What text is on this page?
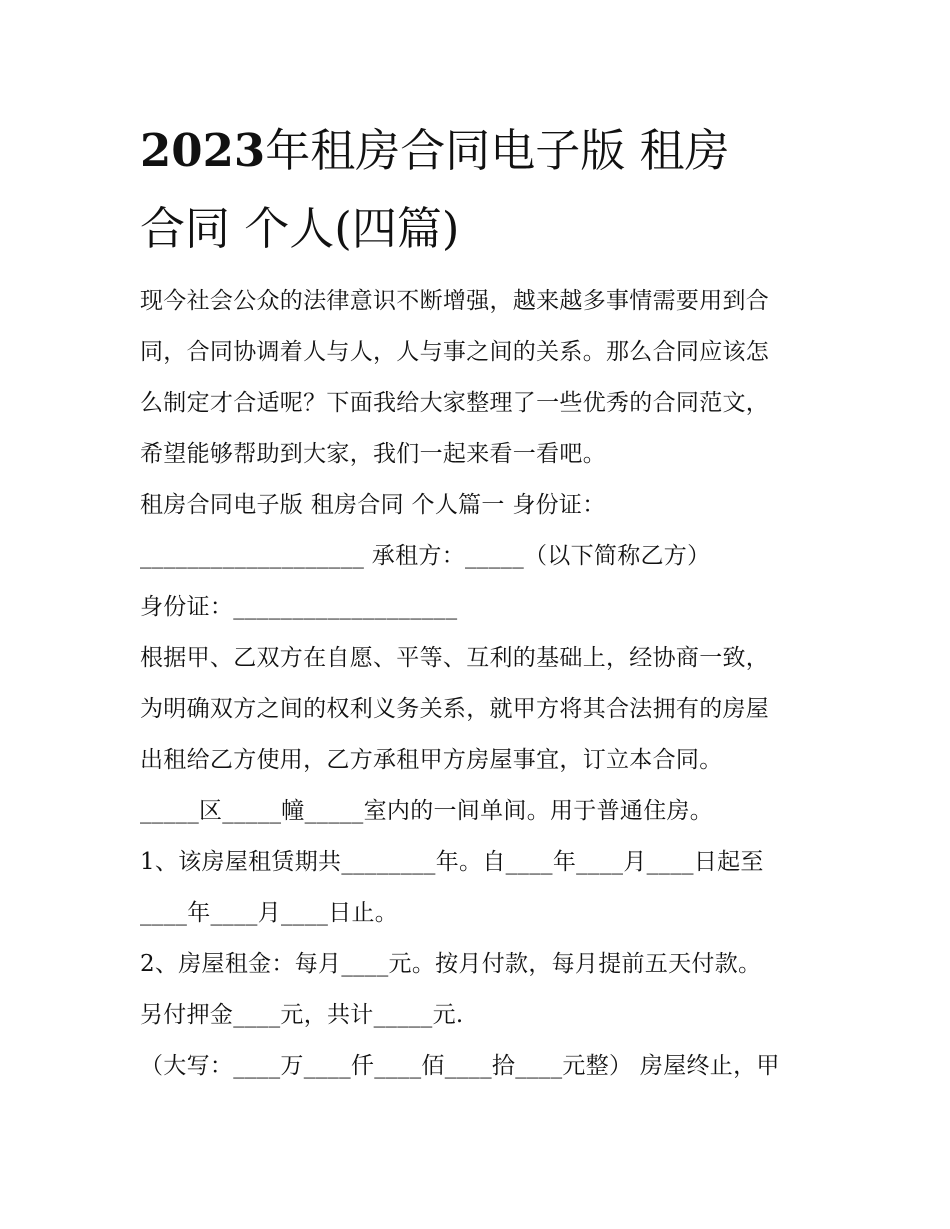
2023年租房合同电子版 租房
合同 个人(四篇)
现今社会公众的法律意识不断增强，越来越多事情需要用到合
同，合同协调着人与人，人与事之间的关系。那么合同应该怎
么制定才合适呢？下面我给大家整理了一些优秀的合同范文，
希望能够帮助到大家，我们一起来看一看吧。
租房合同电子版 租房合同 个人篇一 身份证：
___________________ 承租方：_____（以下简称乙方）
身份证：___________________
根据甲、乙双方在自愿、平等、互利的基础上，经协商一致，
为明确双方之间的权利义务关系，就甲方将其合法拥有的房屋
出租给乙方使用，乙方承租甲方房屋事宜，订立本合同。
_____区_____幢_____室内的一间单间。用于普通住房。
1、该房屋租赁期共________年。自____年____月____日起至
____年____月____日止。
2、房屋租金：每月____元。按月付款，每月提前五天付款。
另付押金____元，共计_____元.
（大写：____万____仟____佰____拾____元整） 房屋终止，甲
